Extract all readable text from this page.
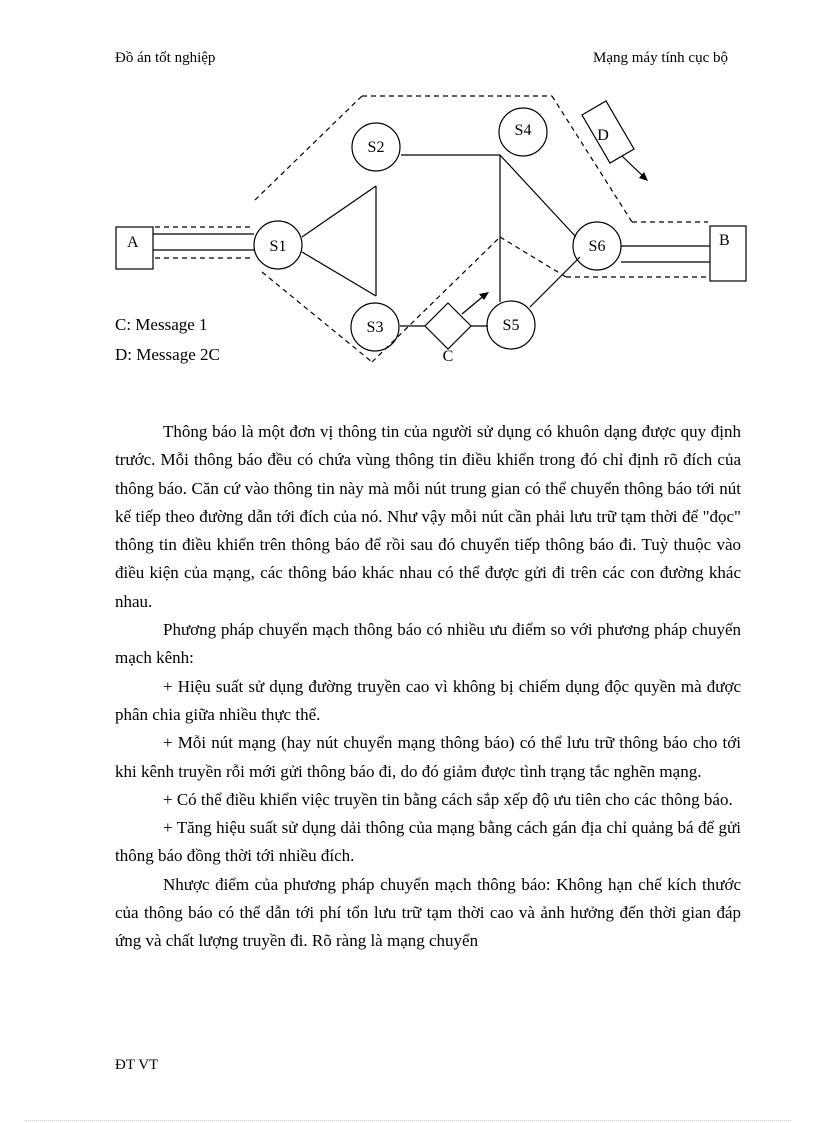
Đồ án tốt nghiệp	Mạng máy tính cục bộ
A	B
S1
S2
S3
S4
S5
S6
C
D
C: Message 1
D: Message 2C

Thông báo là một đơn vị thông tin của người sử dụng có khuôn dạng được quy định trước. Mỗi thông báo đều có chứa vùng thông tin điều khiển trong đó chỉ định rõ đích của thông báo. Căn cứ vào thông tin này mà mỗi nút trung gian có thể chuyển thông báo tới nút kế tiếp theo đường dẫn tới đích của nó. Như vậy mỗi nút cần phải lưu trữ tạm thời để "đọc" thông tin điều khiển trên thông báo để rồi sau đó chuyển tiếp thông báo đi. Tuỳ thuộc vào điều kiện của mạng, các thông báo khác nhau có thể được gửi đi trên các con đường khác nhau.

Phương pháp chuyển mạch thông báo có nhiều ưu điểm so với phương pháp chuyển mạch kênh:

+ Hiệu suất sử dụng đường truyền cao vì không bị chiếm dụng độc quyền mà được phân chia giữa nhiều thực thể.

+ Mỗi nút mạng (hay nút chuyển mạng thông báo) có thể lưu trữ thông báo cho tới khi kênh truyền rỗi mới gửi thông báo đi, do đó giảm được tình trạng tắc nghẽn mạng.

+ Có thể điều khiển việc truyền tin bằng cách sắp xếp độ ưu tiên cho các thông báo.

+ Tăng hiệu suất sử dụng dải thông của mạng bằng cách gán địa chỉ quảng bá để gửi thông báo đồng thời tới nhiều đích.

Nhược điểm của phương pháp chuyển mạch thông báo: Không hạn chế kích thước của thông báo có thể dẫn tới phí tổn lưu trữ tạm thời cao và ảnh hưởng đến thời gian đáp ứng và chất lượng truyền đi. Rõ ràng là mạng chuyển

ĐT VT
